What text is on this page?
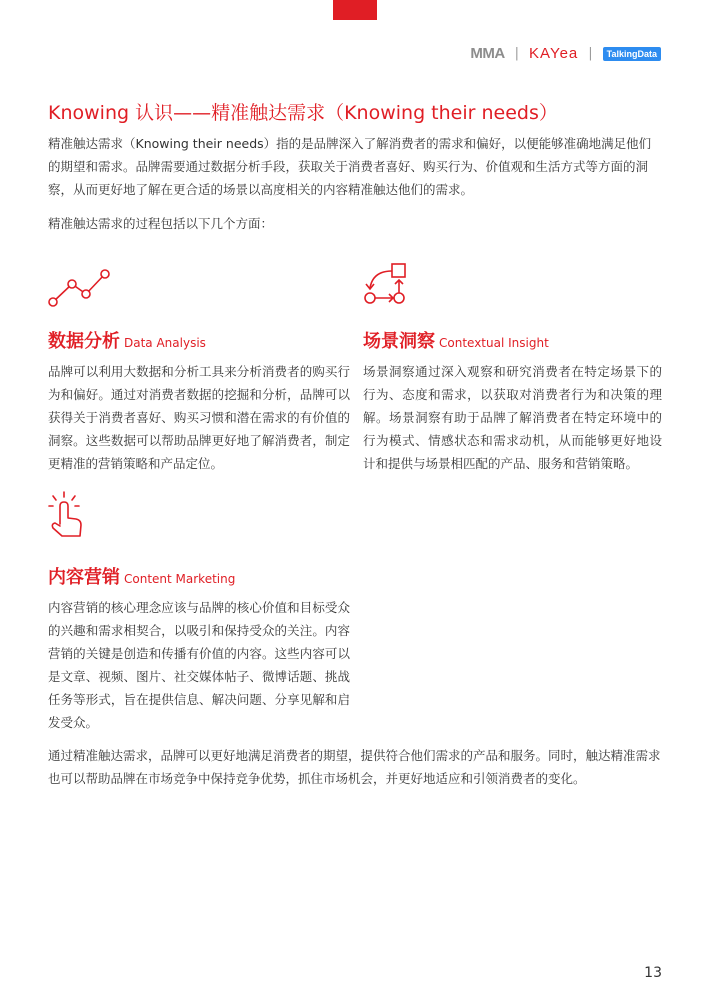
MMA | KAYea |	TalkingData
Knowing 认识——精准触达需求（Knowing their needs）

精准触达需求（Knowing their needs）指的是品牌深入了解消费者的需求和偏好，以便能够准确地满足他们的期望和需求。品牌需要通过数据分析手段，获取关于消费者喜好、购买行为、价值观和生活方式等方面的洞察，从而更好地了解在更合适的场景以高度相关的内容精准触达他们的需求。

精准触达需求的过程包括以下几个方面：

数据分析 Data Analysis

品牌可以利用大数据和分析工具来分析消费者的购买行为和偏好。通过对消费者数据的挖掘和分析，品牌可以获得关于消费者喜好、购买习惯和潜在需求的有价值的洞察。这些数据可以帮助品牌更好地了解消费者，制定更精准的营销策略和产品定位。

场景洞察 Contextual Insight

场景洞察通过深入观察和研究消费者在特定场景下的行为、态度和需求，以获取对消费者行为和决策的理解。场景洞察有助于品牌了解消费者在特定环境中的行为模式、情感状态和需求动机，从而能够更好地设计和提供与场景相匹配的产品、服务和营销策略。

内容营销 Content Marketing

内容营销的核心理念应该与品牌的核心价值和目标受众的兴趣和需求相契合，以吸引和保持受众的关注。内容营销的关键是创造和传播有价值的内容。这些内容可以是文章、视频、图片、社交媒体帖子、微博话题、挑战任务等形式，旨在提供信息、解决问题、分享见解和启发受众。

通过精准触达需求，品牌可以更好地满足消费者的期望，提供符合他们需求的产品和服务。同时，触达精准需求也可以帮助品牌在市场竞争中保持竞争优势，抓住市场机会，并更好地适应和引领消费者的变化。

13
